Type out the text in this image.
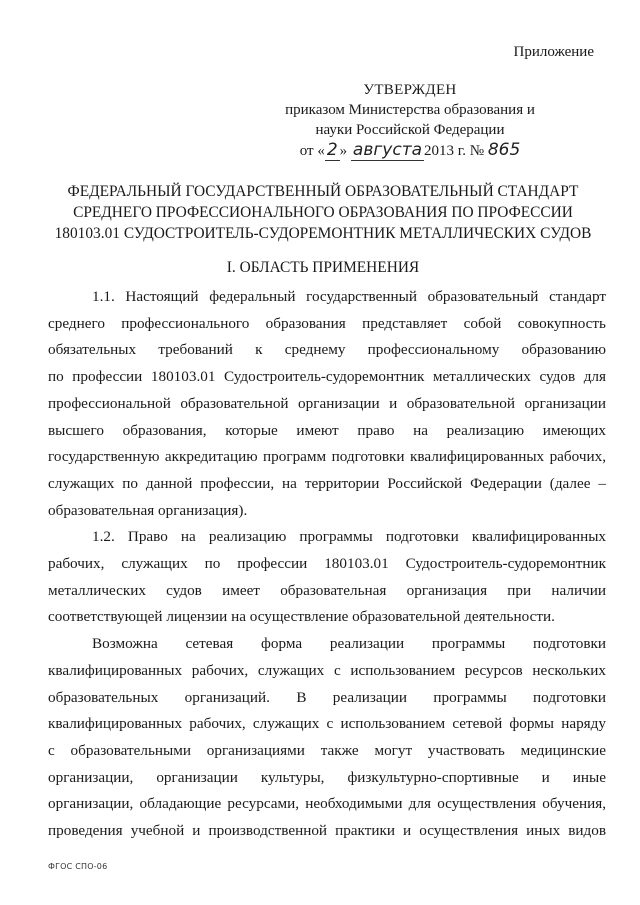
Приложение
УТВЕРЖДЕН
приказом Министерства образования и
науки Российской Федерации
от « 2 » августа 2013 г. № 865
ФЕДЕРАЛЬНЫЙ ГОСУДАРСТВЕННЫЙ ОБРАЗОВАТЕЛЬНЫЙ СТАНДАРТ
СРЕДНЕГО ПРОФЕССИОНАЛЬНОГО ОБРАЗОВАНИЯ ПО ПРОФЕССИИ
180103.01 СУДОСТРОИТЕЛЬ-СУДОРЕМОНТНИК МЕТАЛЛИЧЕСКИХ СУДОВ
I. ОБЛАСТЬ ПРИМЕНЕНИЯ

1.1. Настоящий федеральный государственный образовательный стандарт

среднего профессионального образования представляет собой совокупность

обязательных требований к среднему профессиональному образованию

по профессии 180103.01 Судостроитель-судоремонтник металлических судов для

профессиональной образовательной организации и образовательной организации

высшего образования, которые имеют право на реализацию имеющих

государственную аккредитацию программ подготовки квалифицированных рабочих,

служащих по данной профессии, на территории Российской Федерации (далее –

образовательная организация).

1.2. Право на реализацию программы подготовки квалифицированных

рабочих, служащих по профессии 180103.01 Судостроитель-судоремонтник

металлических судов имеет образовательная организация при наличии

соответствующей лицензии на осуществление образовательной деятельности.

Возможна сетевая форма реализации программы подготовки

квалифицированных рабочих, служащих с использованием ресурсов нескольких

образовательных организаций. В реализации программы подготовки

квалифицированных рабочих, служащих с использованием сетевой формы наряду

с образовательными организациями также могут участвовать медицинские

организации, организации культуры, физкультурно-спортивные и иные

организации, обладающие ресурсами, необходимыми для осуществления обучения,

проведения учебной и производственной практики и осуществления иных видов

ФГОС СПО-06
